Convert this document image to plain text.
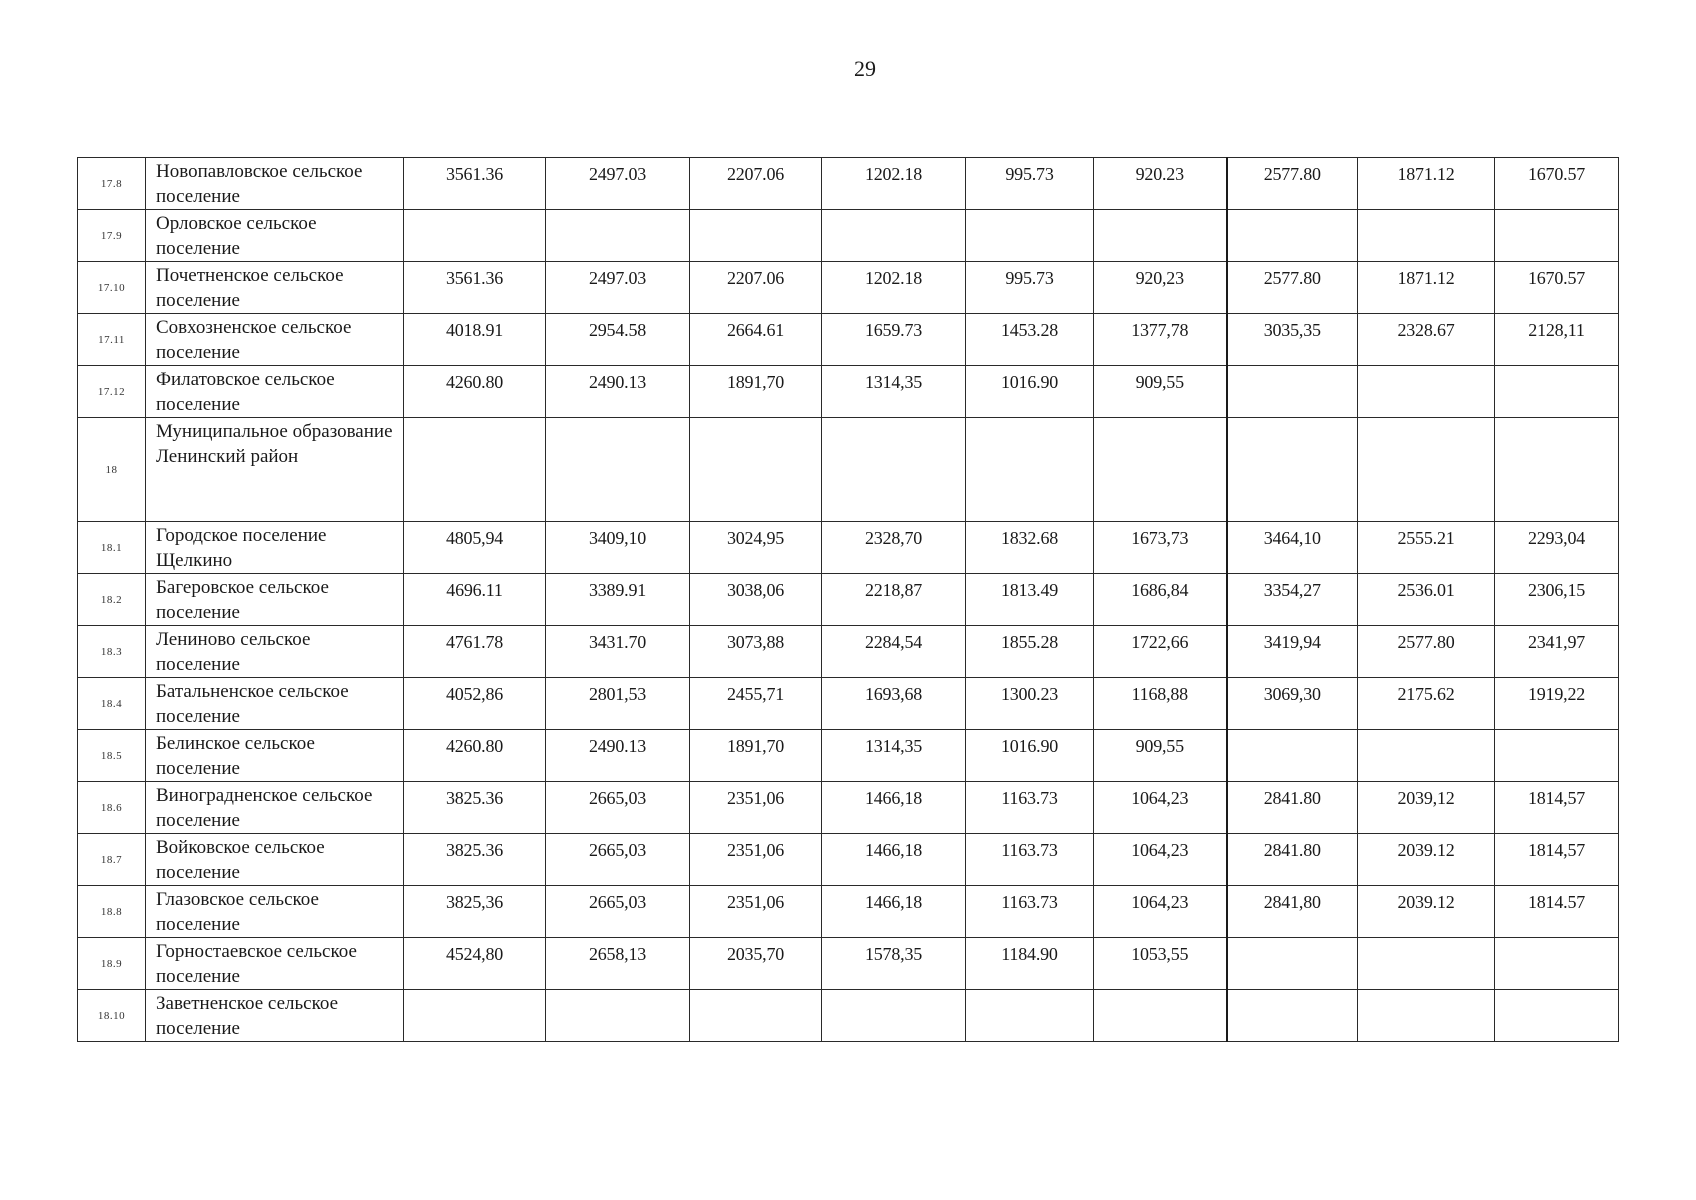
29
17.8	Новопавловское сельское поселение	3561.36	2497.03	2207.06	1202.18	995.73	920.23	2577.80	1871.12	1670.57
17.9	Орловское сельское поселение									
17.10	Почетненское сельское поселение	3561.36	2497.03	2207.06	1202.18	995.73	920,23	2577.80	1871.12	1670.57
17.11	Совхозненское сельское поселение	4018.91	2954.58	2664.61	1659.73	1453.28	1377,78	3035,35	2328.67	2128,11
17.12	Филатовское сельское поселение	4260.80	2490.13	1891,70	1314,35	1016.90	909,55			
18	Муниципальное образование Ленинский район									
18.1	Городское поселение Щелкино	4805,94	3409,10	3024,95	2328,70	1832.68	1673,73	3464,10	2555.21	2293,04
18.2	Багеровское сельское поселение	4696.11	3389.91	3038,06	2218,87	1813.49	1686,84	3354,27	2536.01	2306,15
18.3	Лениново сельское поселение	4761.78	3431.70	3073,88	2284,54	1855.28	1722,66	3419,94	2577.80	2341,97
18.4	Батальненское сельское поселение	4052,86	2801,53	2455,71	1693,68	1300.23	1168,88	3069,30	2175.62	1919,22
18.5	Белинское сельское поселение	4260.80	2490.13	1891,70	1314,35	1016.90	909,55			
18.6	Виноградненское сельское поселение	3825.36	2665,03	2351,06	1466,18	1163.73	1064,23	2841.80	2039,12	1814,57
18.7	Войковское сельское поселение	3825.36	2665,03	2351,06	1466,18	1163.73	1064,23	2841.80	2039.12	1814,57
18.8	Глазовское сельское поселение	3825,36	2665,03	2351,06	1466,18	1163.73	1064,23	2841,80	2039.12	1814.57
18.9	Горностаевское сельское поселение	4524,80	2658,13	2035,70	1578,35	1184.90	1053,55			
18.10	Заветненское сельское поселение									
